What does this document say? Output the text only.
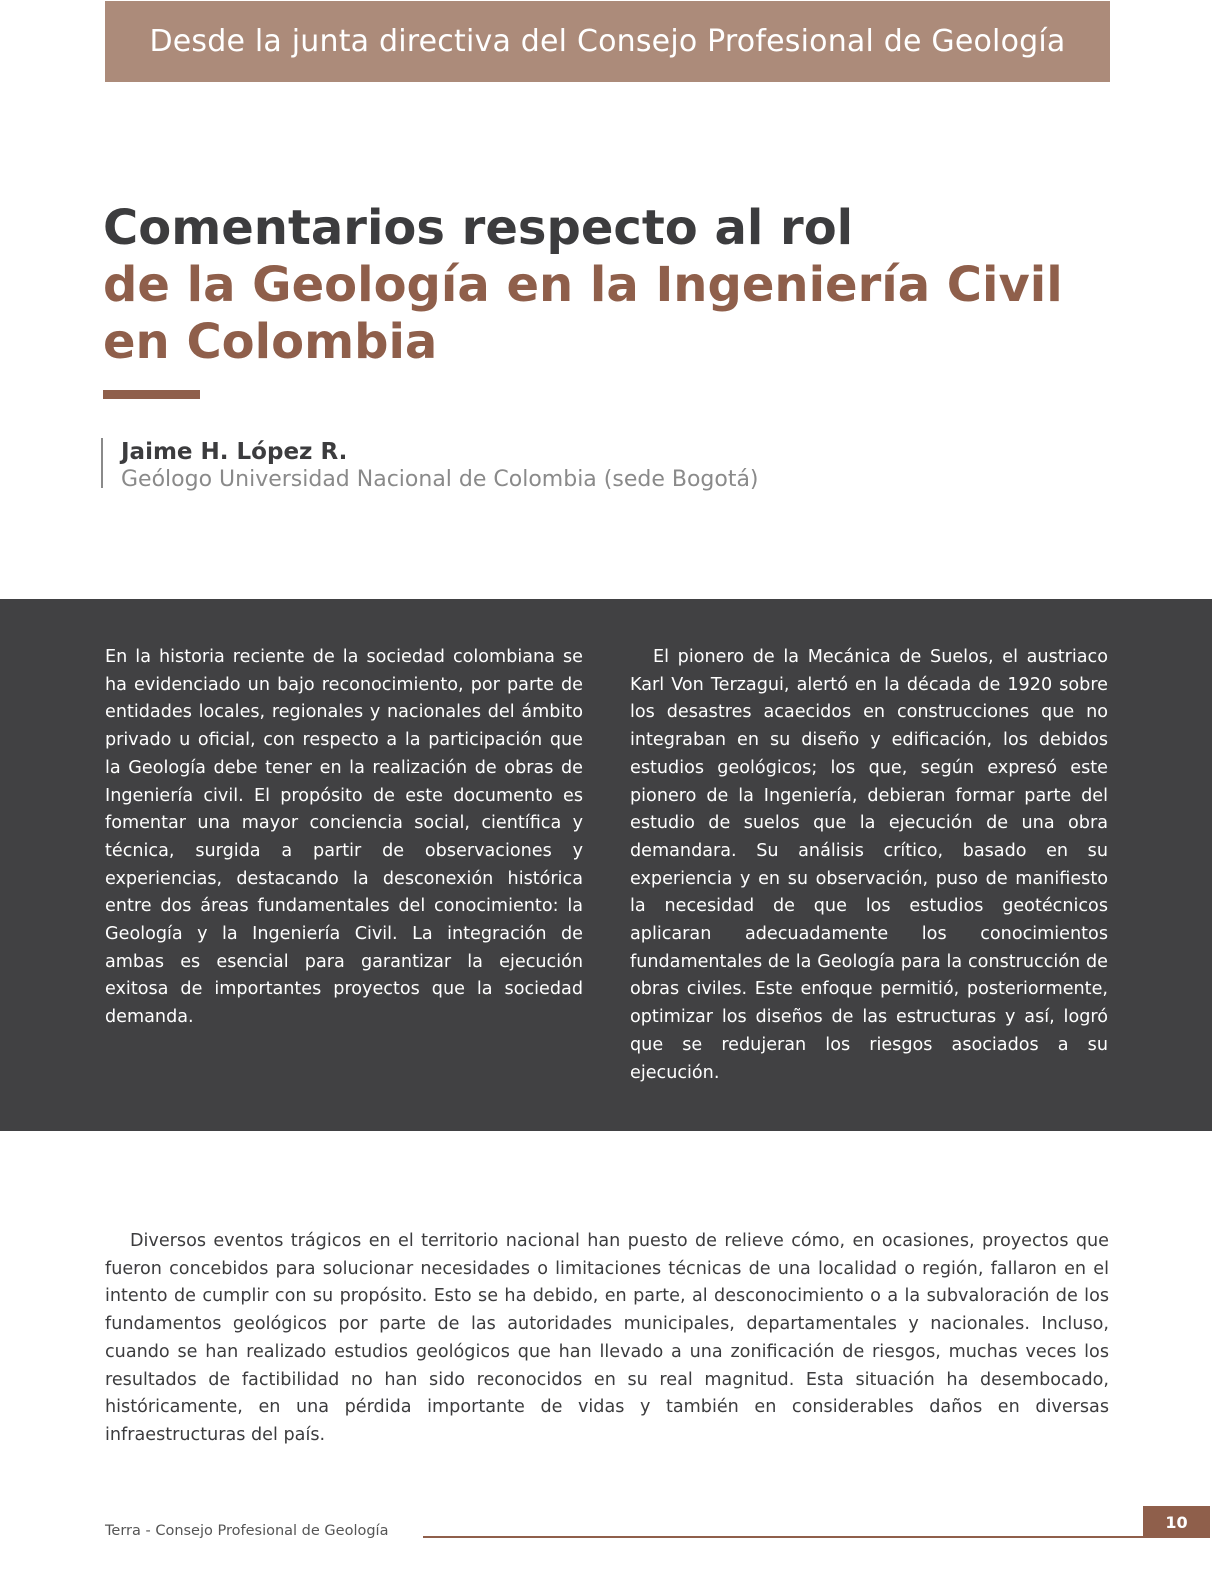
Desde la junta directiva del Consejo Profesional de Geología
Comentarios respecto al rol
de la Geología en la Ingeniería Civil
en Colombia
Jaime H. López R.
Geólogo Universidad Nacional de Colombia (sede Bogotá)

En la historia reciente de la sociedad colombiana se ha evidenciado un bajo reconocimiento, por parte de entidades locales, regionales y nacionales del ámbito privado u oficial, con respecto a la participación que la Geología debe tener en la realización de obras de Ingeniería civil. El propósito de este documento es fomentar una mayor conciencia social, científica y técnica, surgida a partir de observaciones y experiencias, destacando la desconexión histórica entre dos áreas fundamentales del conocimiento: la Geología y la Ingeniería Civil. La integración de ambas es esencial para garantizar la ejecución exitosa de importantes proyectos que la sociedad demanda.

El pionero de la Mecánica de Suelos, el austriaco Karl Von Terzagui, alertó en la década de 1920 sobre los desastres acaecidos en construcciones que no integraban en su diseño y edificación, los debidos estudios geológicos; los que, según expresó este pionero de la Ingeniería, debieran formar parte del estudio de suelos que la ejecución de una obra demandara. Su análisis crítico, basado en su experiencia y en su observación, puso de manifiesto la necesidad de que los estudios geotécnicos aplicaran adecuadamente los conocimientos fundamentales de la Geología para la construcción de obras civiles. Este enfoque permitió, posteriormente, optimizar los diseños de las estructuras y así, logró que se redujeran los riesgos asociados a su ejecución.

Diversos eventos trágicos en el territorio nacional han puesto de relieve cómo, en ocasiones, proyectos que fueron concebidos para solucionar necesidades o limitaciones técnicas de una localidad o región, fallaron en el intento de cumplir con su propósito. Esto se ha debido, en parte, al desconocimiento o a la subvaloración de los fundamentos geológicos por parte de las autoridades municipales, departamentales y nacionales. Incluso, cuando se han realizado estudios geológicos que han llevado a una zonificación de riesgos, muchas veces los resultados de factibilidad no han sido reconocidos en su real magnitud. Esta situación ha desembocado, históricamente, en una pérdida importante de vidas y también en considerables daños en diversas infraestructuras del país.

Terra - Consejo Profesional de Geología	10
